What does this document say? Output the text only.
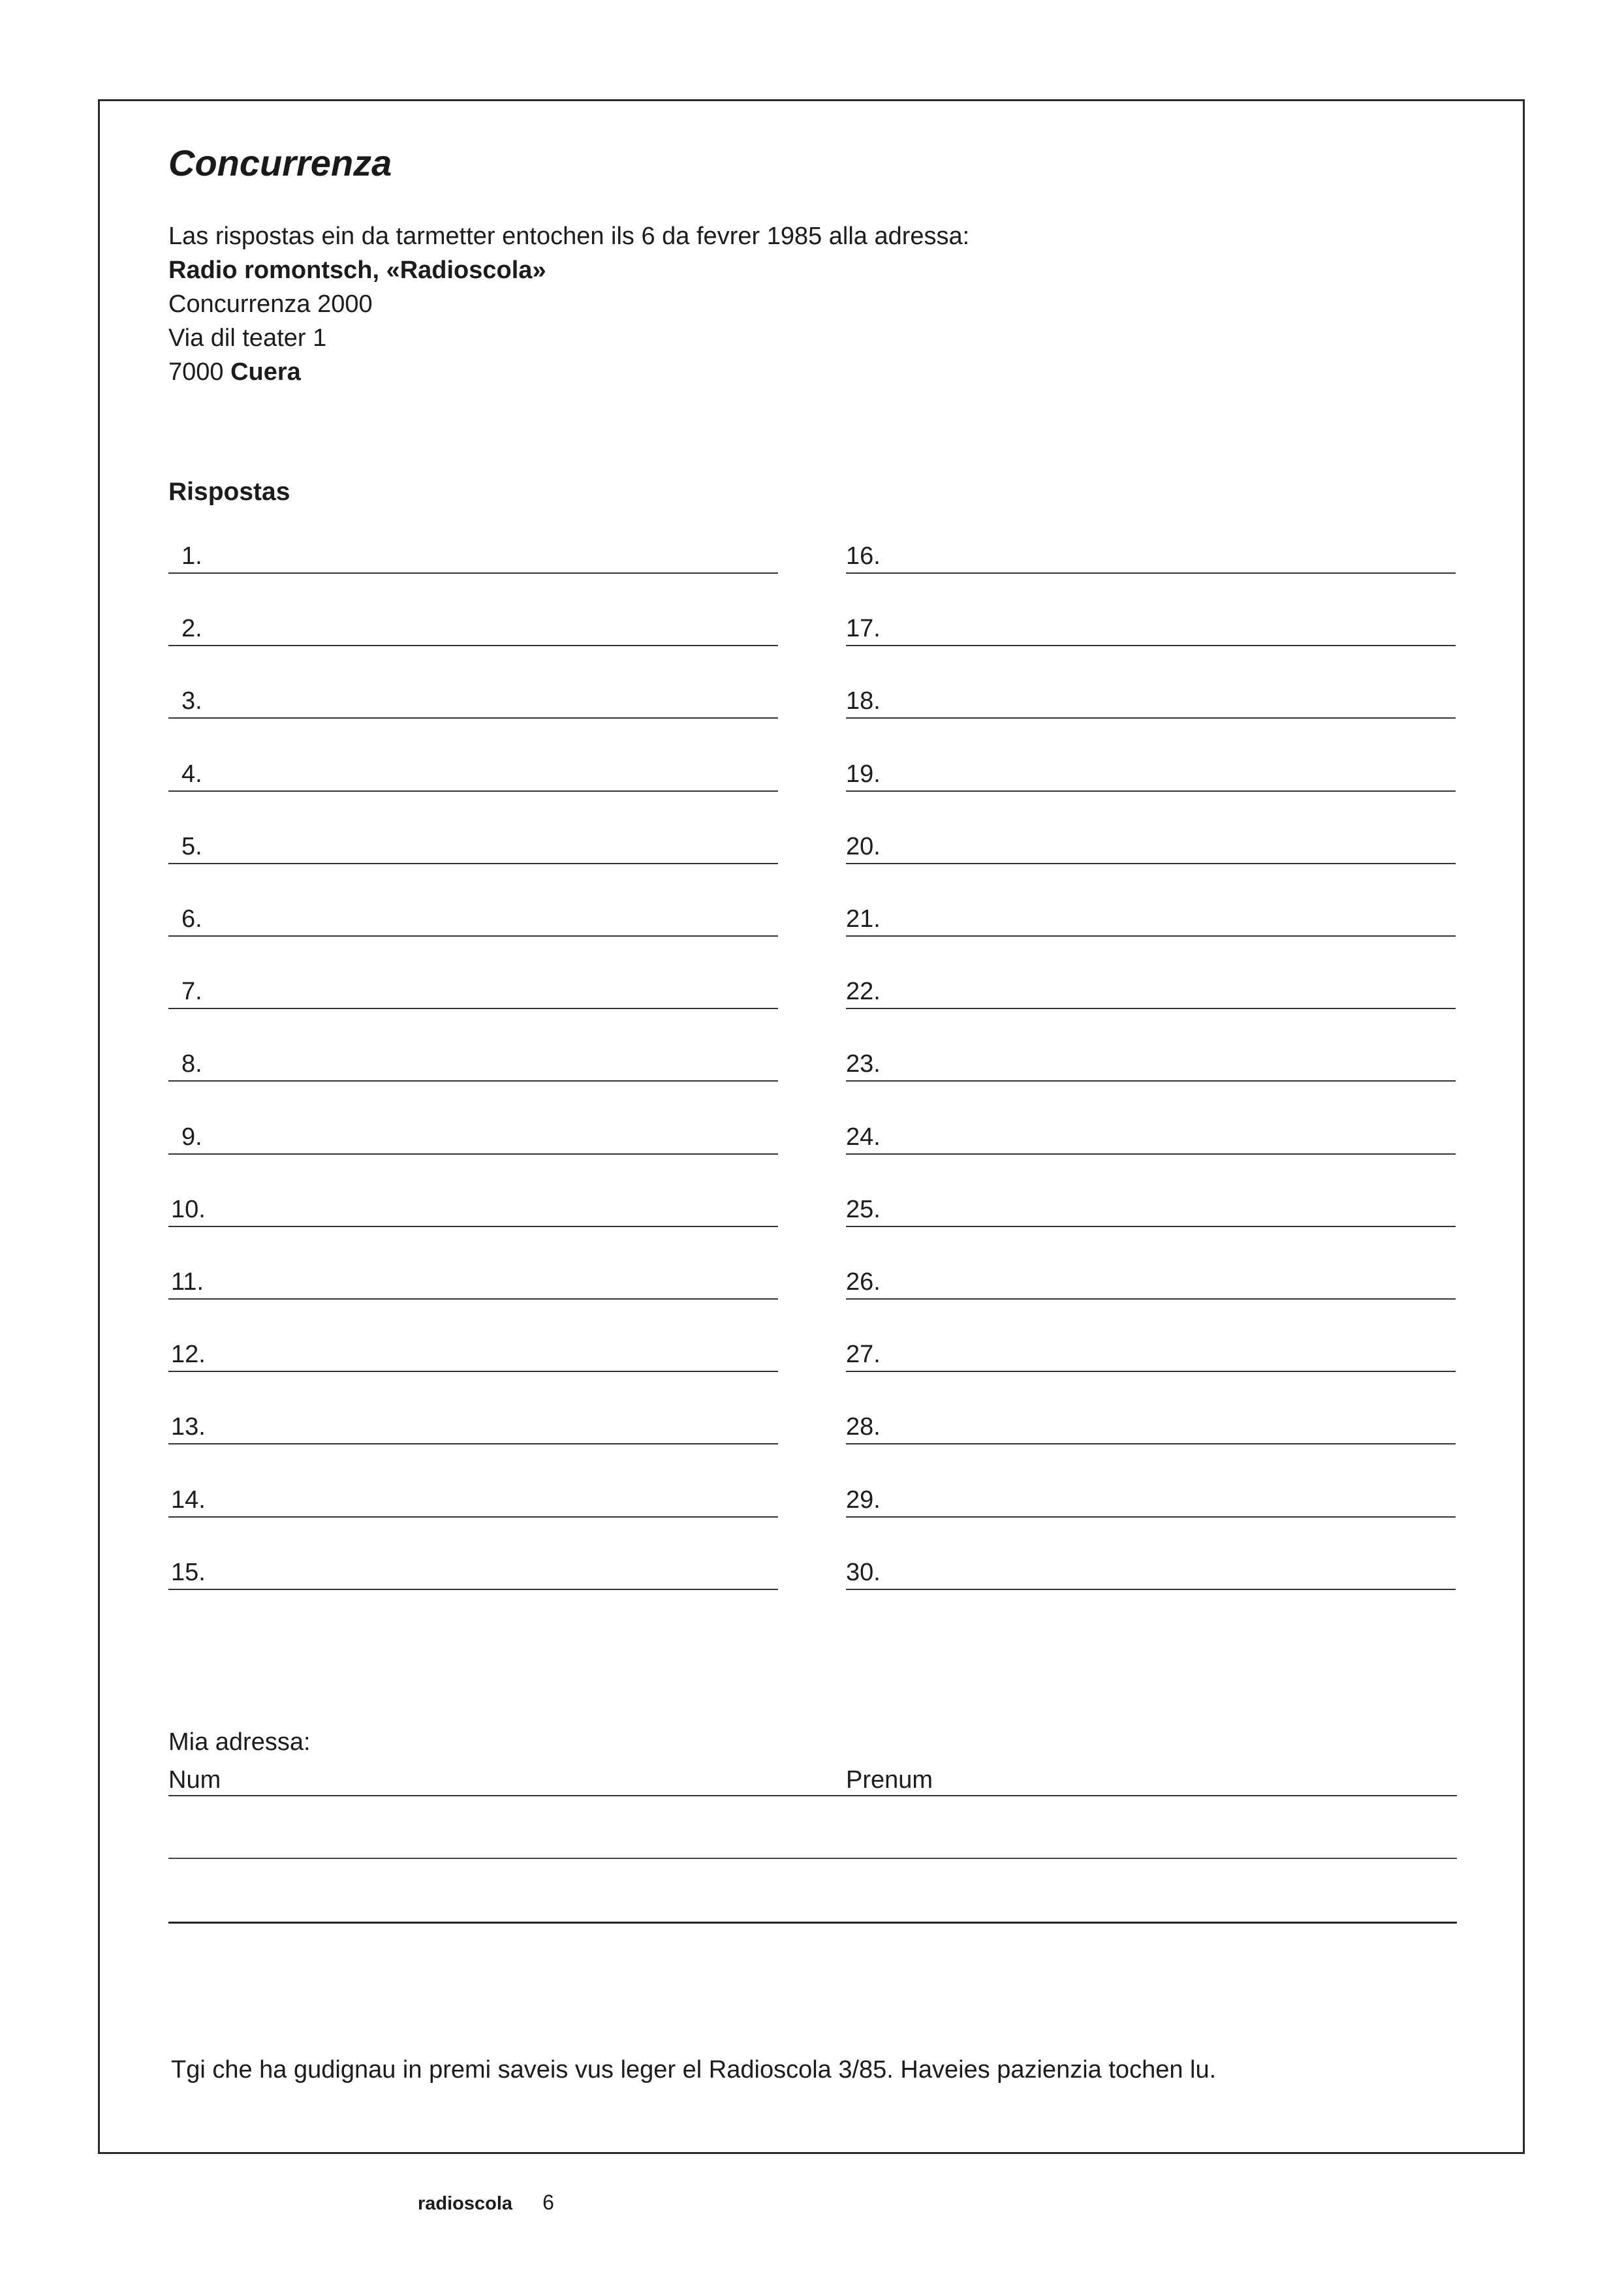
Concurrenza
Las rispostas ein da tarmetter entochen ils 6 da fevrer 1985 alla adressa:
Radio romontsch, «Radioscola»
Concurrenza 2000
Via dil teater 1
7000 Cuera
Rispostas
1.
2.
3.
4.
5.
6.
7.
8.
9.
10.
11.
12.
13.
14.
15.
16.
17.
18.
19.
20.
21.
22.
23.
24.
25.
26.
27.
28.
29.
30.
Mia adressa:
Num	Prenum
Tgi che ha gudignau in premi saveis vus leger el Radioscola 3/85. Haveies pazienzia tochen lu.
radioscola 6
